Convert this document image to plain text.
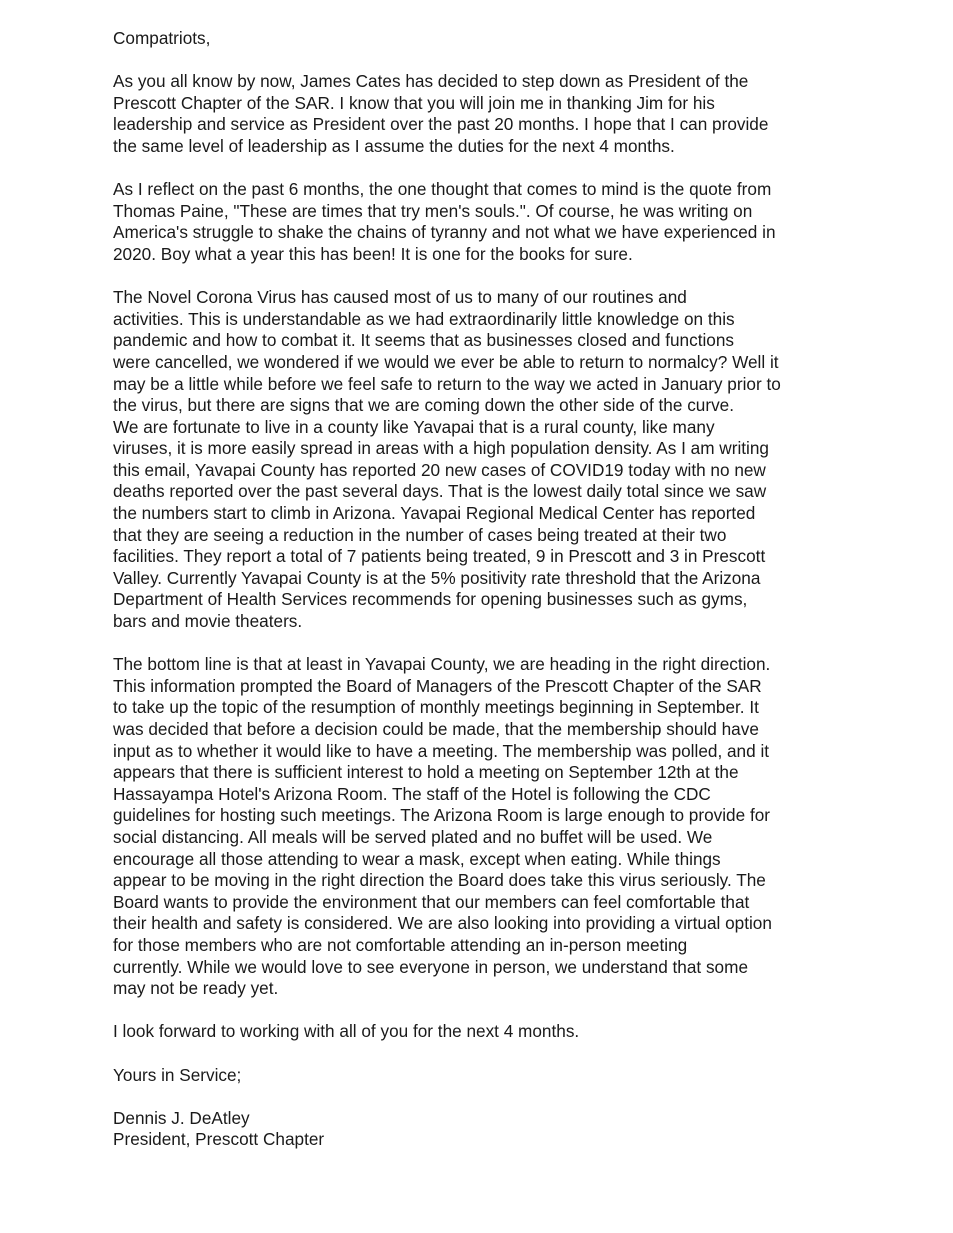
Compatriots,

As you all know by now, James Cates has decided to step down as President of the
Prescott Chapter of the SAR. I know that you will join me in thanking Jim for his
leadership and service as President over the past 20 months. I hope that I can provide
the same level of leadership as I assume the duties for the next 4 months.

As I reflect on the past 6 months, the one thought that comes to mind is the quote from
Thomas Paine, "These are times that try men's souls.". Of course, he was writing on
America's struggle to shake the chains of tyranny and not what we have experienced in
2020. Boy what a year this has been! It is one for the books for sure.

The Novel Corona Virus has caused most of us to many of our routines and
activities. This is understandable as we had extraordinarily little knowledge on this
pandemic and how to combat it. It seems that as businesses closed and functions
were cancelled, we wondered if we would we ever be able to return to normalcy? Well it
may be a little while before we feel safe to return to the way we acted in January prior to
the virus, but there are signs that we are coming down the other side of the curve.
We are fortunate to live in a county like Yavapai that is a rural county, like many
viruses, it is more easily spread in areas with a high population density. As I am writing
this email, Yavapai County has reported 20 new cases of COVID19 today with no new
deaths reported over the past several days. That is the lowest daily total since we saw
the numbers start to climb in Arizona. Yavapai Regional Medical Center has reported
that they are seeing a reduction in the number of cases being treated at their two
facilities. They report a total of 7 patients being treated, 9 in Prescott and 3 in Prescott
Valley. Currently Yavapai County is at the 5% positivity rate threshold that the Arizona
Department of Health Services recommends for opening businesses such as gyms,
bars and movie theaters.

The bottom line is that at least in Yavapai County, we are heading in the right direction.
This information prompted the Board of Managers of the Prescott Chapter of the SAR
to take up the topic of the resumption of monthly meetings beginning in September. It
was decided that before a decision could be made, that the membership should have
input as to whether it would like to have a meeting. The membership was polled, and it
appears that there is sufficient interest to hold a meeting on September 12th at the
Hassayampa Hotel's Arizona Room. The staff of the Hotel is following the CDC
guidelines for hosting such meetings. The Arizona Room is large enough to provide for
social distancing. All meals will be served plated and no buffet will be used. We
encourage all those attending to wear a mask, except when eating. While things
appear to be moving in the right direction the Board does take this virus seriously. The
Board wants to provide the environment that our members can feel comfortable that
their health and safety is considered. We are also looking into providing a virtual option
for those members who are not comfortable attending an in-person meeting
currently. While we would love to see everyone in person, we understand that some
may not be ready yet.

I look forward to working with all of you for the next 4 months.

Yours in Service;

Dennis J. DeAtley
President, Prescott Chapter
